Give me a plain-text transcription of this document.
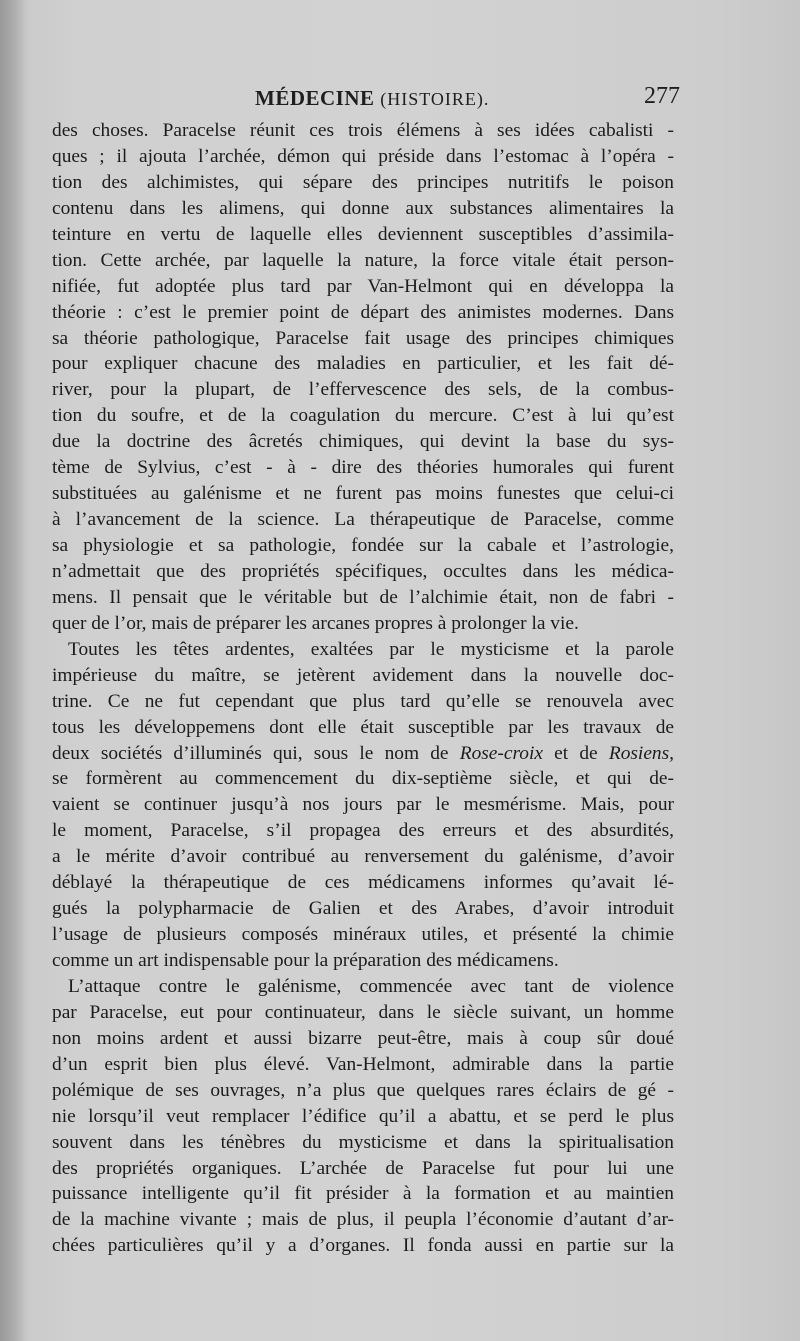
MÉDECINE (HISTOIRE).	277
des choses. Paracelse réunit ces trois élémens à ses idées cabalisti -
ques ; il ajouta l’archée, démon qui préside dans l’estomac à l’opéra -
tion des alchimistes, qui sépare des principes nutritifs le poison
contenu dans les alimens, qui donne aux substances alimentaires la
teinture en vertu de laquelle elles deviennent susceptibles d’assimila-
tion. Cette archée, par laquelle la nature, la force vitale était person-
nifiée, fut adoptée plus tard par Van-Helmont qui en développa la
théorie : c’est le premier point de départ des animistes modernes. Dans
sa théorie pathologique, Paracelse fait usage des principes chimiques
pour expliquer chacune des maladies en particulier, et les fait dé-
river, pour la plupart, de l’effervescence des sels, de la combus-
tion du soufre, et de la coagulation du mercure. C’est à lui qu’est
due la doctrine des âcretés chimiques, qui devint la base du sys-
tème de Sylvius, c’est - à - dire des théories humorales qui furent
substituées au galénisme et ne furent pas moins funestes que celui-ci
à l’avancement de la science. La thérapeutique de Paracelse, comme
sa physiologie et sa pathologie, fondée sur la cabale et l’astrologie,
n’admettait que des propriétés spécifiques, occultes dans les médica-
mens. Il pensait que le véritable but de l’alchimie était, non de fabri -
quer de l’or, mais de préparer les arcanes propres à prolonger la vie.
Toutes les têtes ardentes, exaltées par le mysticisme et la parole
impérieuse du maître, se jetèrent avidement dans la nouvelle doc-
trine. Ce ne fut cependant que plus tard qu’elle se renouvela avec
tous les développemens dont elle était susceptible par les travaux de
deux sociétés d’illuminés qui, sous le nom de Rose-croix et de Rosiens,
se formèrent au commencement du dix-septième siècle, et qui de-
vaient se continuer jusqu’à nos jours par le mesmérisme. Mais, pour
le moment, Paracelse, s’il propagea des erreurs et des absurdités,
a le mérite d’avoir contribué au renversement du galénisme, d’avoir
déblayé la thérapeutique de ces médicamens informes qu’avait lé-
gués la polypharmacie de Galien et des Arabes, d’avoir introduit
l’usage de plusieurs composés minéraux utiles, et présenté la chimie
comme un art indispensable pour la préparation des médicamens.
L’attaque contre le galénisme, commencée avec tant de violence
par Paracelse, eut pour continuateur, dans le siècle suivant, un homme
non moins ardent et aussi bizarre peut-être, mais à coup sûr doué
d’un esprit bien plus élevé. Van-Helmont, admirable dans la partie
polémique de ses ouvrages, n’a plus que quelques rares éclairs de gé -
nie lorsqu’il veut remplacer l’édifice qu’il a abattu, et se perd le plus
souvent dans les ténèbres du mysticisme et dans la spiritualisation
des propriétés organiques. L’archée de Paracelse fut pour lui une
puissance intelligente qu’il fit présider à la formation et au maintien
de la machine vivante ; mais de plus, il peupla l’économie d’autant d’ar-
chées particulières qu’il y a d’organes. Il fonda aussi en partie sur la
